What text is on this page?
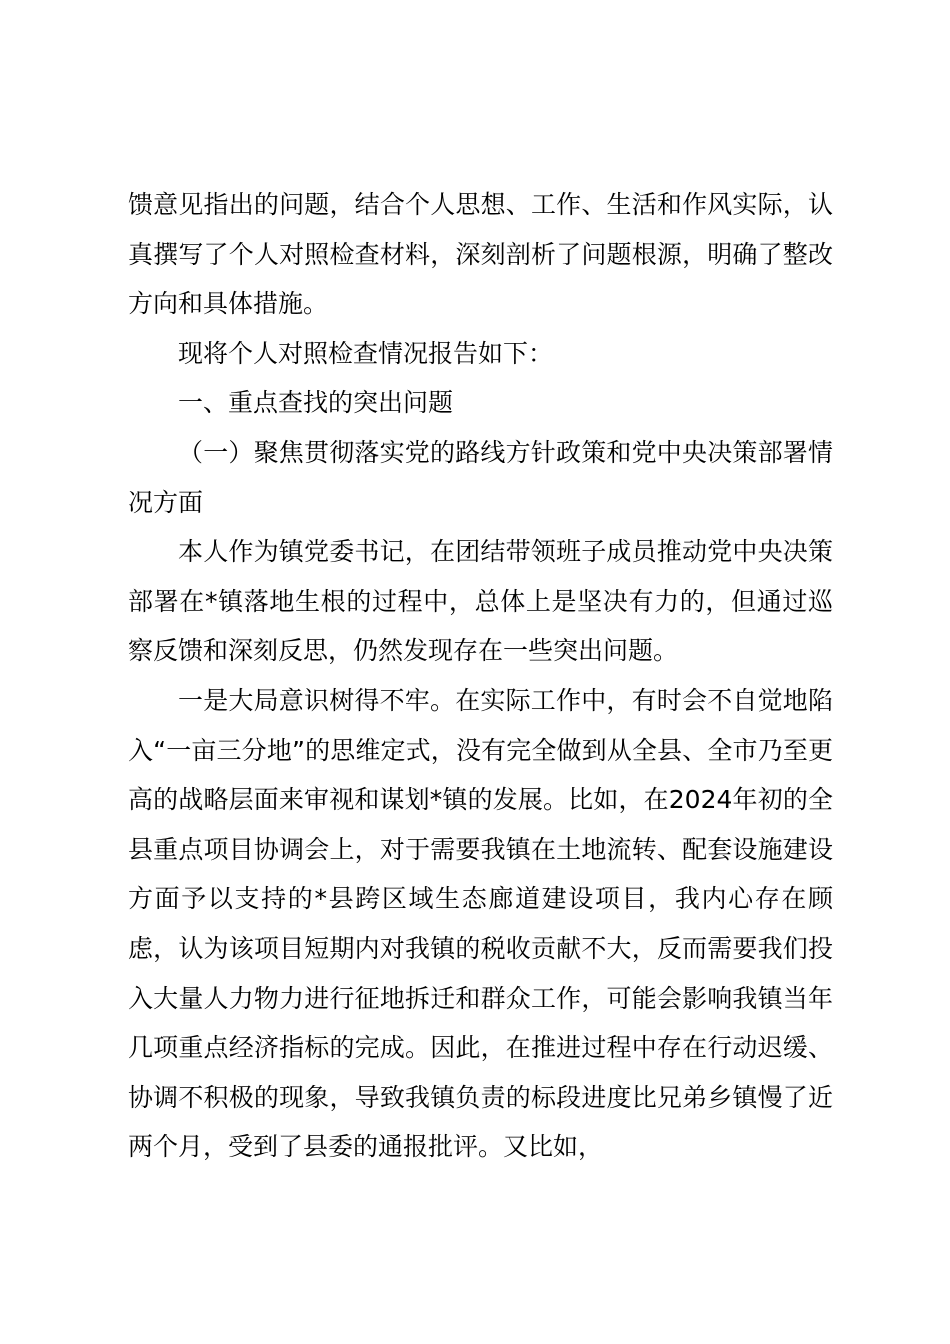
馈意见指出的问题，结合个人思想、工作、生活和作风实际，认真撰写了个人对照检查材料，深刻剖析了问题根源，明确了整改方向和具体措施。

现将个人对照检查情况报告如下：

一、重点查找的突出问题

（一）聚焦贯彻落实党的路线方针政策和党中央决策部署情况方面

本人作为镇党委书记，在团结带领班子成员推动党中央决策部署在*镇落地生根的过程中，总体上是坚决有力的，但通过巡察反馈和深刻反思，仍然发现存在一些突出问题。

一是大局意识树得不牢。在实际工作中，有时会不自觉地陷入“一亩三分地”的思维定式，没有完全做到从全县、全市乃至更高的战略层面来审视和谋划*镇的发展。比如，在2024年初的全县重点项目协调会上，对于需要我镇在土地流转、配套设施建设方面予以支持的*县跨区域生态廊道建设项目，我内心存在顾虑，认为该项目短期内对我镇的税收贡献不大，反而需要我们投入大量人力物力进行征地拆迁和群众工作，可能会影响我镇当年几项重点经济指标的完成。因此，在推进过程中存在行动迟缓、协调不积极的现象，导致我镇负责的标段进度比兄弟乡镇慢了近两个月，受到了县委的通报批评。又比如，
